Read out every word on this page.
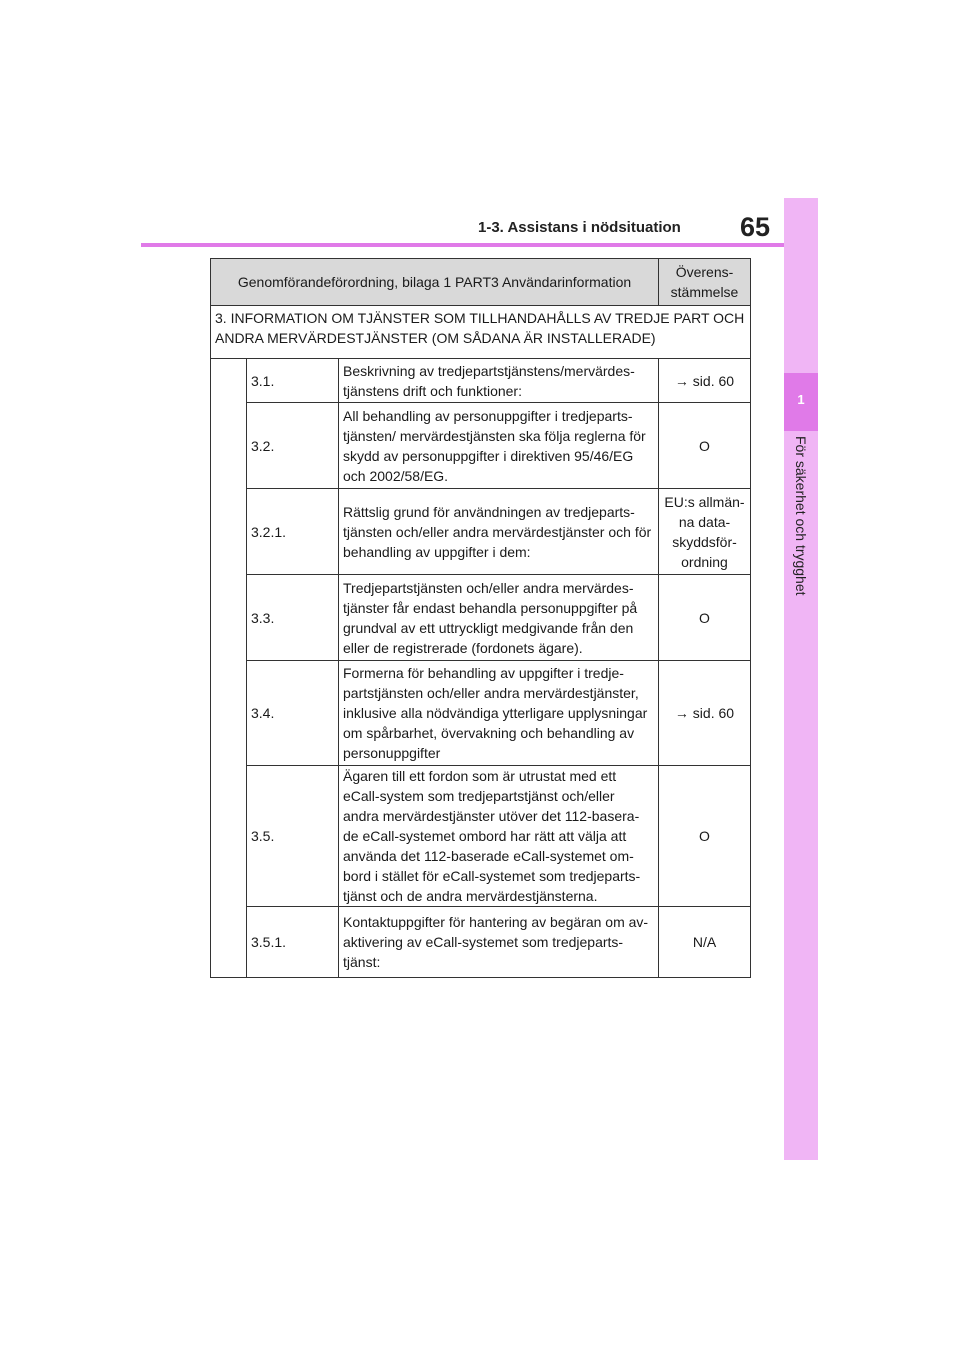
65
1-3. Assistans i nödsituation
1
För säkerhet och trygghet
Genomförandeförordning, bilaga 1 PART3 Användarinformation			Överens-
stämmelse
3. INFORMATION OM TJÄNSTER SOM TILLHANDAHÅLLS AV TREDJE PART OCH ANDRA MERVÄRDESTJÄNSTER (OM SÅDANA ÄR INSTALLERADE)			
	3.1.	Beskrivning av tredjepartstjänstens/mervärdes-tjänstens drift och funktioner:	→ sid. 60
	3.2.	All behandling av personuppgifter i tredjeparts-tjänsten/ mervärdestjänsten ska följa reglerna för skydd av personuppgifter i direktiven 95/46/EG och 2002/58/EG.	O
	3.2.1.	Rättslig grund för användningen av tredjeparts-tjänsten och/eller andra mervärdestjänster och för behandling av uppgifter i dem:	EU:s allmän-
na data-
skyddsför-
ordning
	3.3.	Tredjepartstjänsten och/eller andra mervärdes-tjänster får endast behandla personuppgifter på grundval av ett uttryckligt medgivande från den eller de registrerade (fordonets ägare).	O
	3.4.	Formerna för behandling av uppgifter i tredje-partstjänsten och/eller andra mervärdestjänster, inklusive alla nödvändiga ytterligare upplysningar om spårbarhet, övervakning och behandling av personuppgifter	→ sid. 60
	3.5.	Ägaren till ett fordon som är utrustat med ett eCall-system som tredjepartstjänst och/eller andra mervärdestjänster utöver det 112-basera-de eCall-systemet ombord har rätt att välja att använda det 112-baserade eCall-systemet om-bord i stället för eCall-systemet som tredjeparts-tjänst och de andra mervärdestjänsterna.	O
	3.5.1.	Kontaktuppgifter för hantering av begäran om av-aktivering av eCall-systemet som tredjeparts-tjänst:	N/A
